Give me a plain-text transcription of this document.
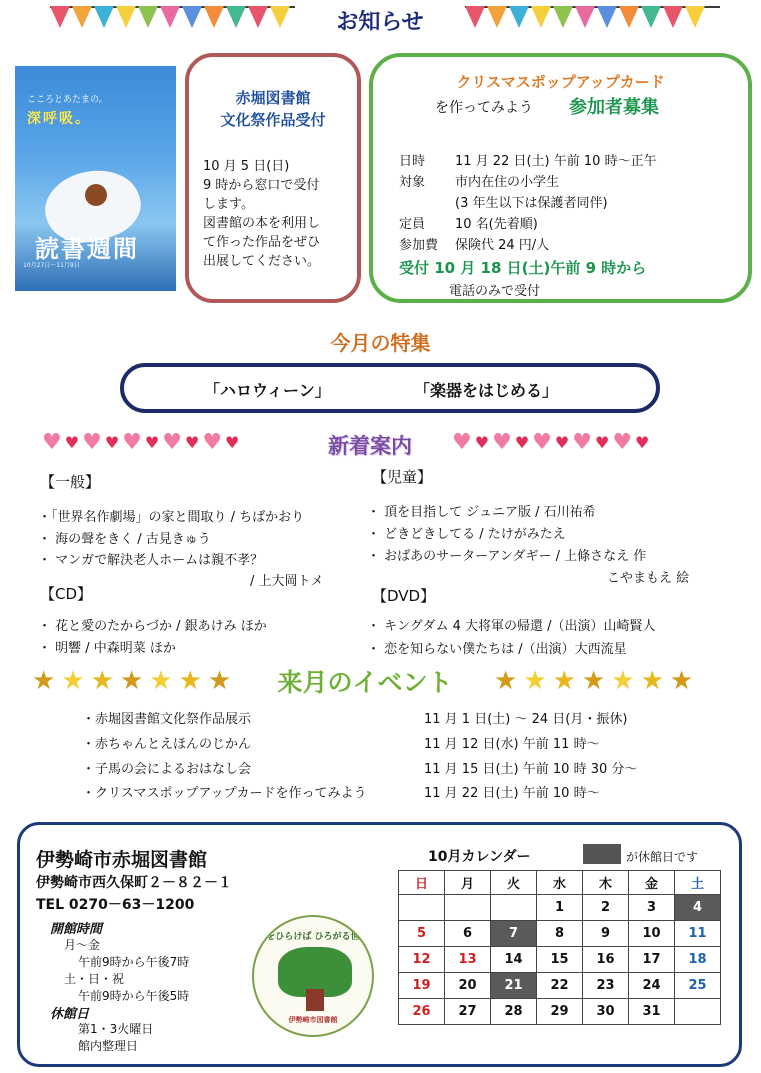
お知らせ
こころとあたまの。
深呼吸。
読書週間
10月27日～11月9日
赤堀図書館
文化祭作品受付
10 月 5 日(日)
9 時から窓口で受付
します。
図書館の本を利用し
て作った作品をぜひ
出展してください。
クリスマスポップアップカード
を作ってみよう 参加者募集
日時 11 月 22 日(土) 午前 10 時～正午
対象 市内在住の小学生
(3 年生以下は保護者同伴)
定員 10 名(先着順)
参加費 保険代 24 円/人
受付 10 月 18 日(土)午前 9 時から
電話のみで受付
今月の特集
「ハロウィーン」	「楽器をはじめる」
♥ ♥ ♥ ♥ ♥ ♥ ♥ ♥ ♥ ♥	新着案内	♥ ♥ ♥ ♥ ♥ ♥ ♥ ♥ ♥ ♥
【一般】
・「世界名作劇場」の家と間取り / ちばかおり
・ 海の聲をきく / 古見きゅう
・ マンガで解決老人ホームは親不孝？
/ 上大岡トメ
【児童】
・ 頂を目指して ジュニア版 / 石川祐希
・ どきどきしてる / たけがみたえ
・ おばあのサーターアンダギー / 上條さなえ 作
こやまもえ 絵
【CD】
・ 花と愛のたからづか / 銀あけみ ほか
・ 明響 / 中森明菜 ほか
【DVD】
・ キングダム 4 大将軍の帰還 /（出演）山崎賢人
・ 恋を知らない僕たちは /（出演）大西流星
★ ★ ★ ★ ★ ★ ★	来月のイベント	★ ★ ★ ★ ★ ★ ★
・赤堀図書館文化祭作品展示	11 月 1 日(土) ～ 24 日(月・振休)
・赤ちゃんとえほんのじかん	11 月 12 日(水) 午前 11 時～
・子馬の会によるおはなし会	11 月 15 日(土) 午前 10 時 30 分～
・クリスマスポップアップカードを作ってみよう	11 月 22 日(土) 午前 10 時～
伊勢崎市赤堀図書館
伊勢崎市西久保町２－８２－１
TEL 0270－63－1200
開館時間
月～金
午前9時から午後7時
土・日・祝
午前9時から午後5時
休館日
第1・3火曜日
館内整理日
本をひらけば ひろがる世界
伊勢崎市図書館
10月カレンダー	が休館日です
日	月	火	水	木	金	土
			1	2	3	4
5	6	7	8	9	10	11
12	13	14	15	16	17	18
19	20	21	22	23	24	25
26	27	28	29	30	31	
